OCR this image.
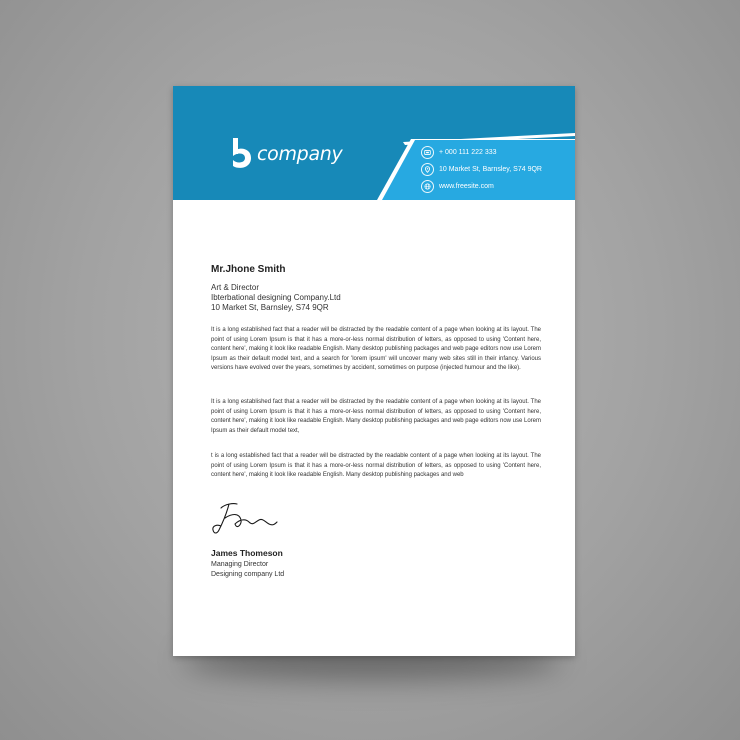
company	+ 000 111 222 333
10 Market St, Barnsley, S74 9QR
www.freesite.com
Mr.Jhone Smith
Art & Director
Ibterbational designing Company.Ltd
10 Market St, Barnsley, S74 9QR
It is a long established fact that a reader will be distracted by the readable content of a page when looking at its layout. The point of using Lorem Ipsum is that it has a more-or-less normal distribution of letters, as opposed to using 'Content here, content here', making it look like readable English. Many desktop publishing packages and web page editors now use Lorem Ipsum as their default model text, and a search for 'lorem ipsum' will uncover many web sites still in their infancy. Various versions have evolved over the years, sometimes by accident, sometimes on purpose (injected humour and the like).
It is a long established fact that a reader will be distracted by the readable content of a page when looking at its layout. The point of using Lorem Ipsum is that it has a more-or-less normal distribution of letters, as opposed to using 'Content here, content here', making it look like readable English. Many desktop publishing packages and web page editors now use Lorem Ipsum as their default model text,
t is a long established fact that a reader will be distracted by the readable content of a page when looking at its layout. The point of using Lorem Ipsum is that it has a more-or-less normal distribution of letters, as opposed to using 'Content here, content here', making it look like readable English. Many desktop publishing packages and web
James Thomeson
Managing Director
Designing company Ltd
